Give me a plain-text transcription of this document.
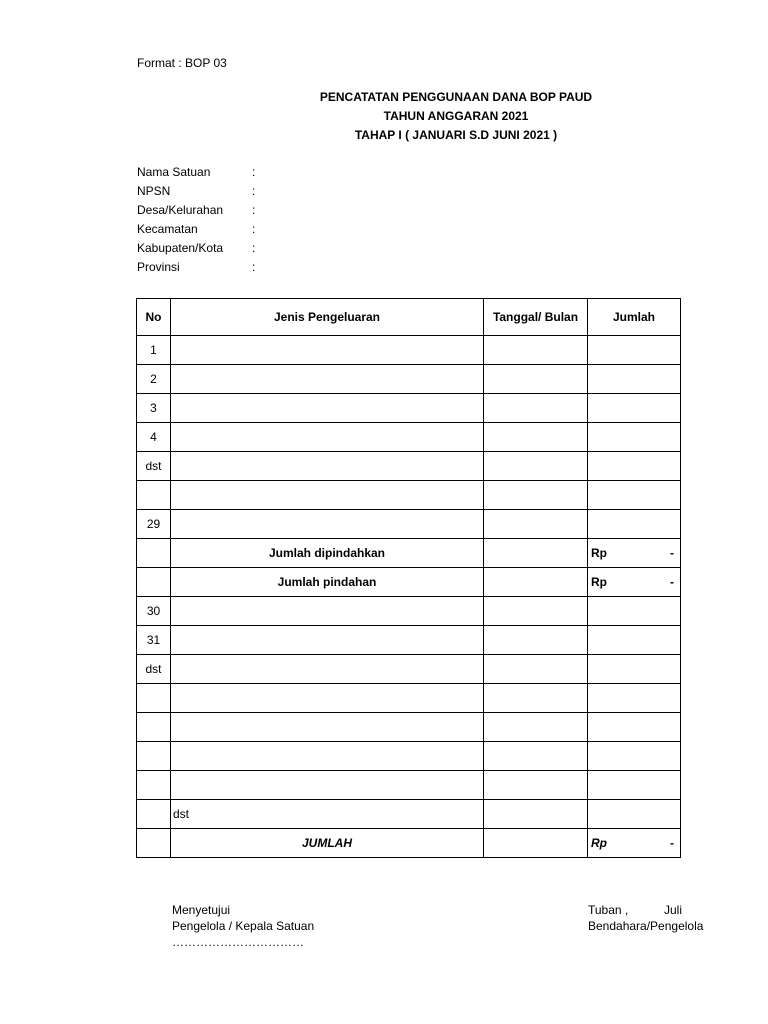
Format : BOP 03
PENCATATAN PENGGUNAAN DANA BOP PAUD
TAHUN ANGGARAN 2021
TAHAP I ( JANUARI S.D JUNI 2021 )
Nama Satuan	:
NPSN	:
Desa/Kelurahan :
Kecamatan	:
Kabupaten/Kota :
Provinsi	:
No	Jenis Pengeluaran	Tanggal/ Bulan	Jumlah
1			
2			
3			
4			
dst			

29			
	Jumlah dipindahkan		Rp -

	Jumlah pindahan		Rp -

30			
31			
dst			

	dst		
	JUMLAH		Rp -
Menyetujui
Pengelola / Kepala Satuan
……………………………
Tuban ,	Juli
Bendahara/Pengelola
